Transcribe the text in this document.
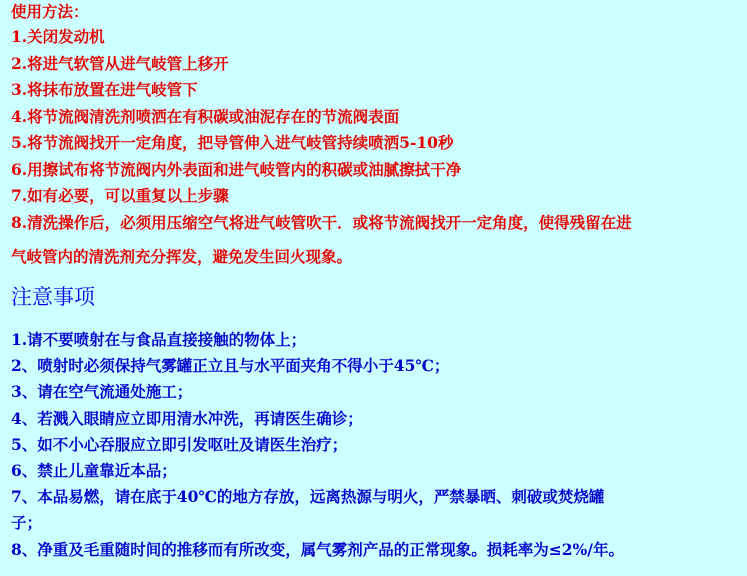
使用方法：
1.关闭发动机
2.将进气软管从进气岐管上移开
3.将抹布放置在进气岐管下
4.将节流阀清洗剂喷洒在有积碳或油泥存在的节流阀表面
5.将节流阀找开一定角度，把导管伸入进气岐管持续喷洒5-10秒
6.用擦试布将节流阀内外表面和进气岐管内的积碳或油腻擦拭干净
7.如有必要，可以重复以上步骤
8.清洗操作后，必须用压缩空气将进气岐管吹干．或将节流阀找开一定角度，使得残留在进
气岐管内的清洗剂充分挥发，避免发生回火现象。
注意事项
1.请不要喷射在与食品直接接触的物体上；
2、喷射时必须保持气雾罐正立且与水平面夹角不得小于45℃；
3、请在空气流通处施工；
4、若溅入眼睛应立即用清水冲洗，再请医生确诊；
5、如不小心吞服应立即引发呕吐及请医生治疗；
6、禁止儿童靠近本品；
7、本品易燃，请在底于40℃的地方存放，远离热源与明火，严禁暴晒、刺破或焚烧罐
子；
8、净重及毛重随时间的推移而有所改变，属气雾剂产品的正常现象。损耗率为≤2%/年。
